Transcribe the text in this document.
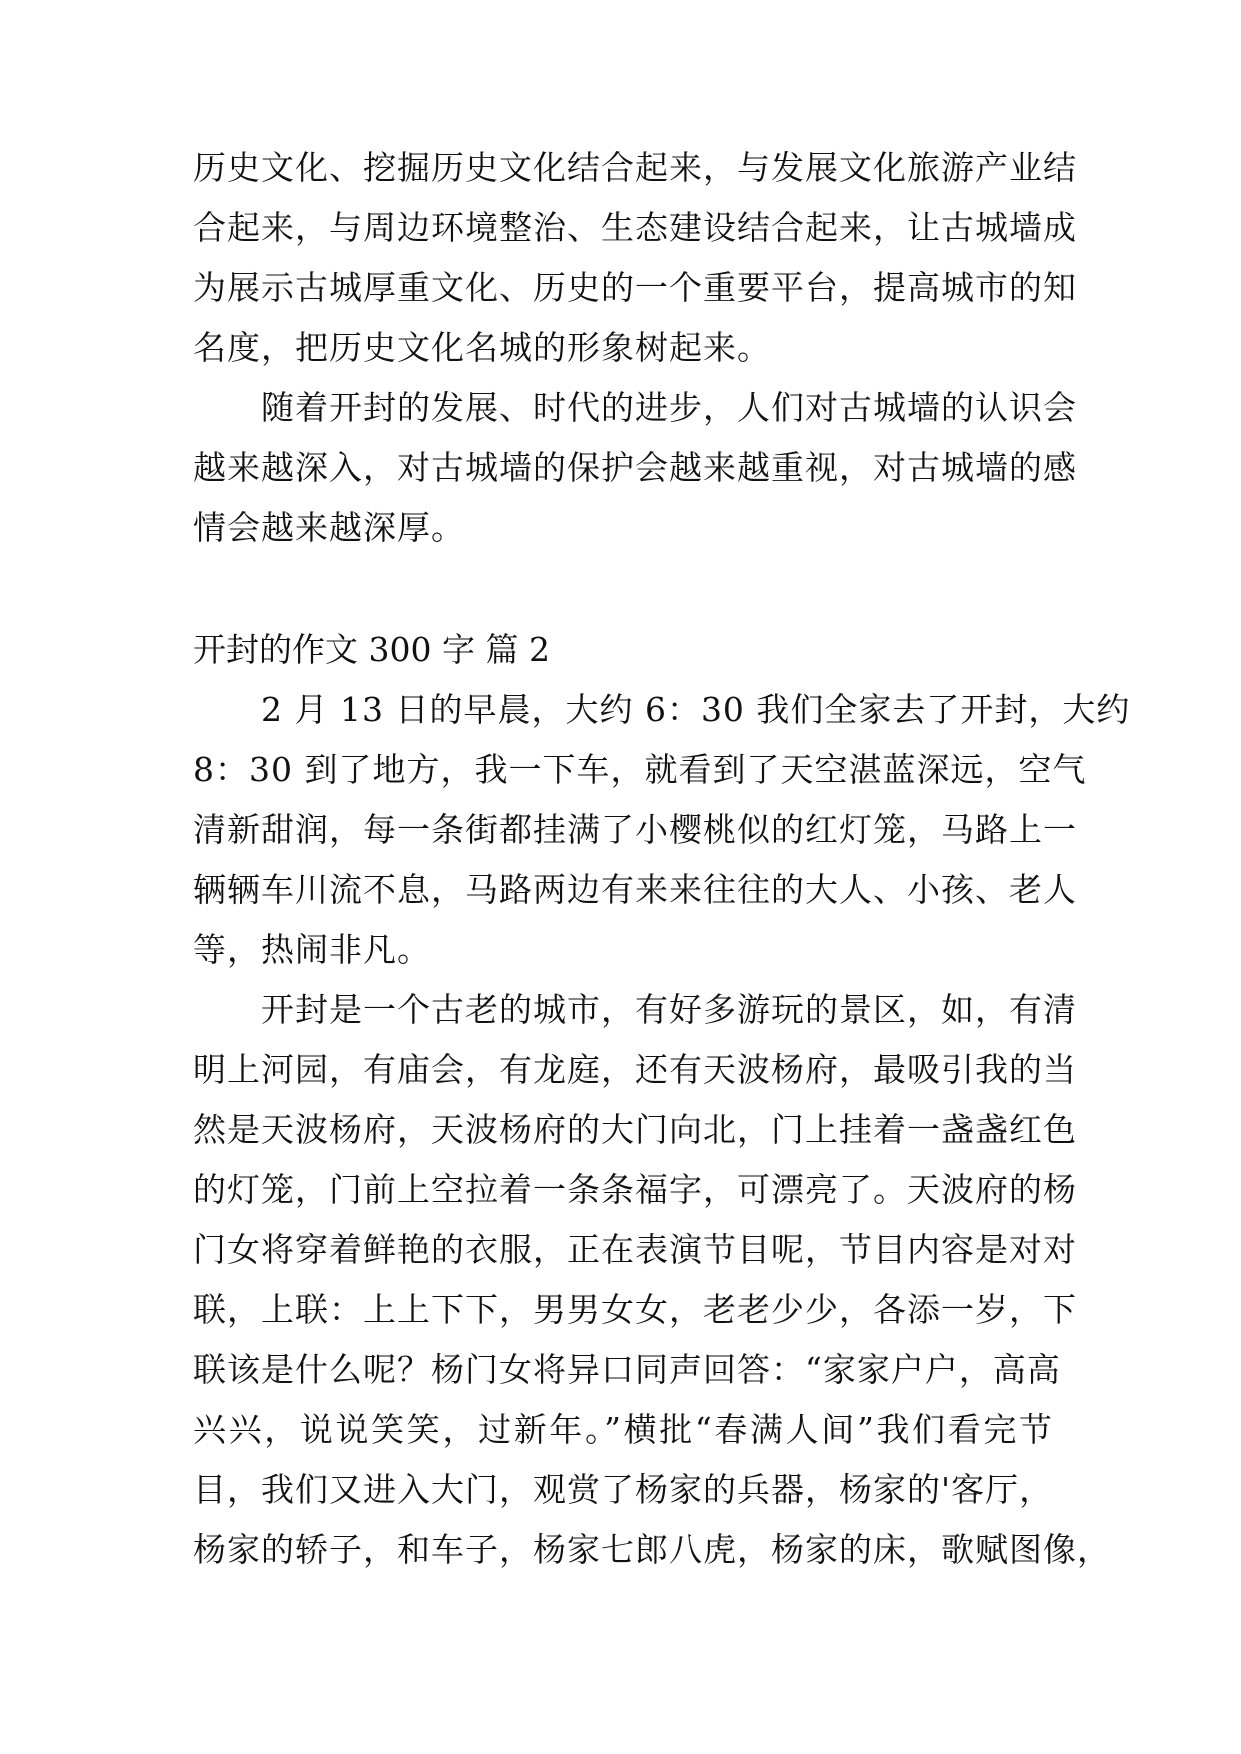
历史文化、挖掘历史文化结合起来，与发展文化旅游产业结
合起来，与周边环境整治、生态建设结合起来，让古城墙成
为展示古城厚重文化、历史的一个重要平台，提高城市的知
名度，把历史文化名城的形象树起来。
　　随着开封的发展、时代的进步，人们对古城墙的认识会
越来越深入，对古城墙的保护会越来越重视，对古城墙的感
情会越来越深厚。
开封的作文 300 字 篇 2
　　2 月 13 日的早晨，大约 6：30 我们全家去了开封，大约
8：30 到了地方，我一下车，就看到了天空湛蓝深远，空气
清新甜润，每一条街都挂满了小樱桃似的红灯笼，马路上一
辆辆车川流不息，马路两边有来来往往的大人、小孩、老人
等，热闹非凡。
　　开封是一个古老的城市，有好多游玩的景区，如，有清
明上河园，有庙会，有龙庭，还有天波杨府，最吸引我的当
然是天波杨府，天波杨府的大门向北，门上挂着一盏盏红色
的灯笼，门前上空拉着一条条福字，可漂亮了。天波府的杨
门女将穿着鲜艳的衣服，正在表演节目呢，节目内容是对对
联，上联：上上下下，男男女女，老老少少，各添一岁，下
联该是什么呢？杨门女将异口同声回答：“家家户户，高高
兴兴，说说笑笑，过新年。”横批“春满人间”我们看完节
目，我们又进入大门，观赏了杨家的兵器，杨家的'客厅，
杨家的轿子，和车子，杨家七郎八虎，杨家的床，歌赋图像，
